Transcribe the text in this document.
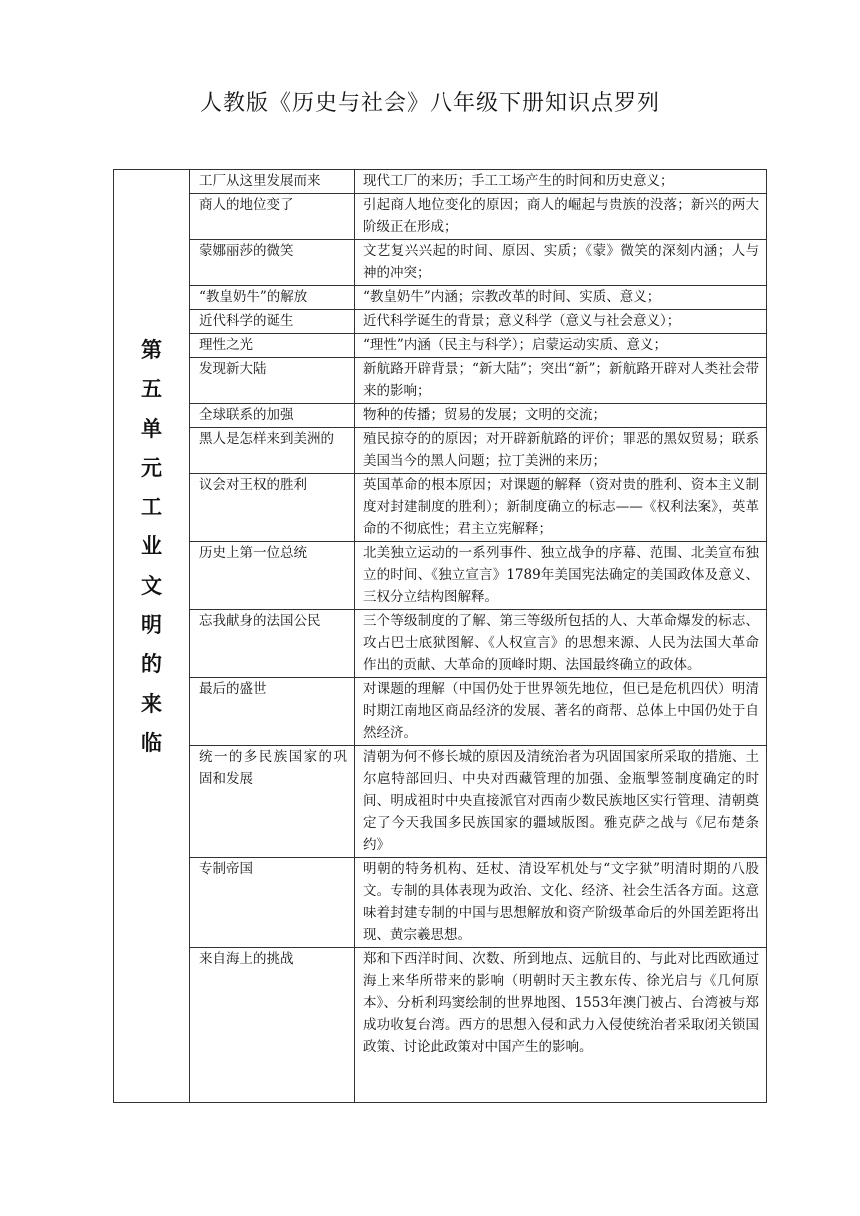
人教版《历史与社会》八年级下册知识点罗列
第五单元工业文明的来临	工厂从这里发展而来	现代工厂的来历；手工工场产生的时间和历史意义；
	商人的地位变了	引起商人地位变化的原因；商人的崛起与贵族的没落；新兴的两大阶级正在形成；
	蒙娜丽莎的微笑	文艺复兴兴起的时间、原因、实质；《蒙》微笑的深刻内涵；人与神的冲突；
	“教皇奶牛”的解放	“教皇奶牛”内涵；宗教改革的时间、实质、意义；
	近代科学的诞生	近代科学诞生的背景；意义科学（意义与社会意义）；
	理性之光	“理性”内涵（民主与科学）；启蒙运动实质、意义；
	发现新大陆	新航路开辟背景；“新大陆”；突出“新”；新航路开辟对人类社会带来的影响；
	全球联系的加强	物种的传播；贸易的发展；文明的交流；
	黑人是怎样来到美洲的	殖民掠夺的的原因；对开辟新航路的评价；罪恶的黑奴贸易；联系美国当今的黑人问题；拉丁美洲的来历；
	议会对王权的胜利	英国革命的根本原因；对课题的解释（资对贵的胜利、资本主义制度对封建制度的胜利）；新制度确立的标志——《权利法案》，英革命的不彻底性；君主立宪解释；
	历史上第一位总统	北美独立运动的一系列事件、独立战争的序幕、范围、北美宣布独立的时间、《独立宣言》1789年美国宪法确定的美国政体及意义、三权分立结构图解释。
	忘我献身的法国公民	三个等级制度的了解、第三等级所包括的人、大革命爆发的标志、攻占巴士底狱图解、《人权宣言》的思想来源、人民为法国大革命作出的贡献、大革命的顶峰时期、法国最终确立的政体。
	最后的盛世	对课题的理解（中国仍处于世界领先地位，但已是危机四伏）明清时期江南地区商品经济的发展、著名的商帮、总体上中国仍处于自然经济。
	统一的多民族国家的巩固和发展	清朝为何不修长城的原因及清统治者为巩固国家所采取的措施、土尔扈特部回归、中央对西藏管理的加强、金瓶掣签制度确定的时间、明成祖时中央直接派官对西南少数民族地区实行管理、清朝奠定了今天我国多民族国家的疆域版图。雅克萨之战与《尼布楚条约》
	专制帝国	明朝的特务机构、廷杖、清设军机处与“文字狱”明清时期的八股文。专制的具体表现为政治、文化、经济、社会生活各方面。这意味着封建专制的中国与思想解放和资产阶级革命后的外国差距将出现、黄宗羲思想。
	来自海上的挑战	郑和下西洋时间、次数、所到地点、远航目的、与此对比西欧通过海上来华所带来的影响（明朝时天主教东传、徐光启与《几何原本》、分析利玛窦绘制的世界地图、1553年澳门被占、台湾被与郑成功收复台湾。西方的思想入侵和武力入侵使统治者采取闭关锁国政策、讨论此政策对中国产生的影响。
